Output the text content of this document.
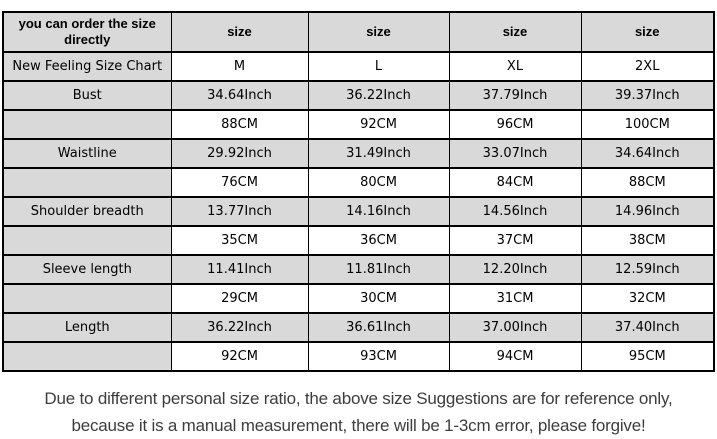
you can order the size directly	size	size	size	size
New Feeling Size Chart	M	L	XL	2XL
Bust	34.64Inch	36.22Inch	37.79Inch	39.37Inch
	88CM	92CM	96CM	100CM
Waistline	29.92Inch	31.49Inch	33.07Inch	34.64Inch
	76CM	80CM	84CM	88CM
Shoulder breadth	13.77Inch	14.16Inch	14.56Inch	14.96Inch
	35CM	36CM	37CM	38CM
Sleeve length	11.41Inch	11.81Inch	12.20Inch	12.59Inch
	29CM	30CM	31CM	32CM
Length	36.22Inch	36.61Inch	37.00Inch	37.40Inch
	92CM	93CM	94CM	95CM
Due to different personal size ratio, the above size Suggestions are for reference only,
because it is a manual measurement, there will be 1-3cm error, please forgive!
